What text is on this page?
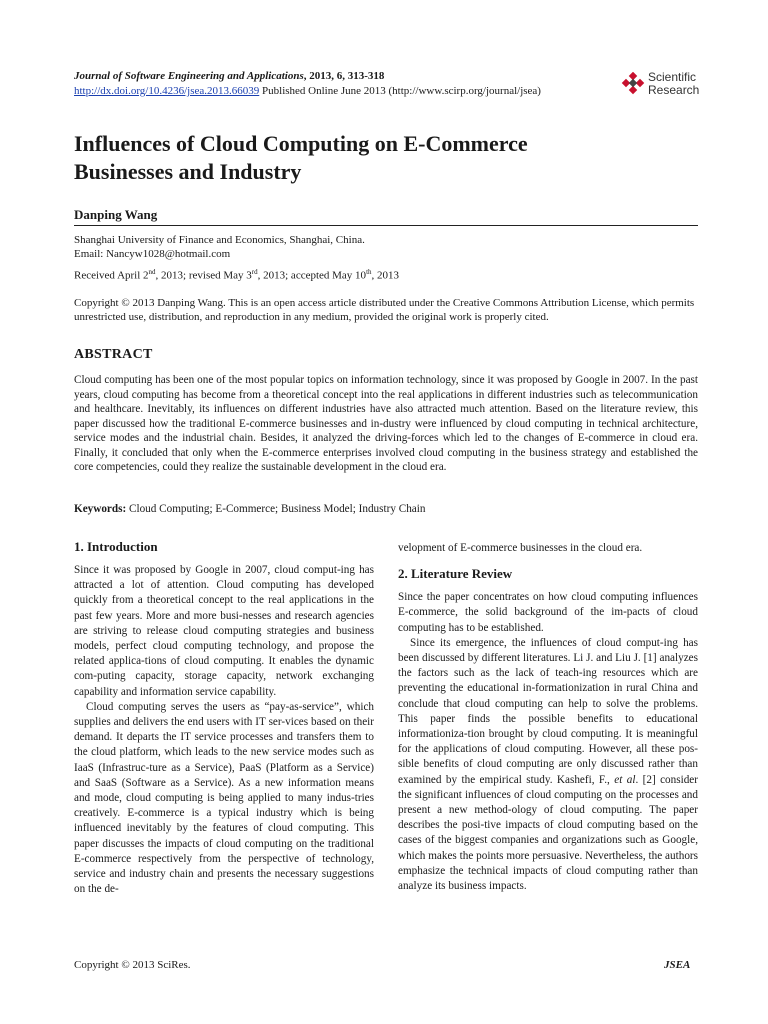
Journal of Software Engineering and Applications, 2013, 6, 313-318
http://dx.doi.org/10.4236/jsea.2013.66039 Published Online June 2013 (http://www.scirp.org/journal/jsea)
Scientific
Research
Influences of Cloud Computing on E-Commerce
Businesses and Industry
Danping Wang
Shanghai University of Finance and Economics, Shanghai, China.
Email: Nancyw1028@hotmail.com
Received April 2nd, 2013; revised May 3rd, 2013; accepted May 10th, 2013
Copyright © 2013 Danping Wang. This is an open access article distributed under the Creative Commons Attribution License, which permits unrestricted use, distribution, and reproduction in any medium, provided the original work is properly cited.
ABSTRACT
Cloud computing has been one of the most popular topics on information technology, since it was proposed by Google in 2007. In the past years, cloud computing has become from a theoretical concept into the real applications in different industries such as telecommunication and healthcare. Inevitably, its influences on different industries have also attracted much attention. Based on the literature review, this paper discussed how the traditional E-commerce businesses and in-dustry were influenced by cloud computing in technical architecture, service modes and the industrial chain. Besides, it analyzed the driving-forces which led to the changes of E-commerce in cloud era. Finally, it concluded that only when the E-commerce enterprises involved cloud computing in the business strategy and established the core competencies, could they realize the sustainable development in the cloud era.
Keywords: Cloud Computing; E-Commerce; Business Model; Industry Chain
1. Introduction

Since it was proposed by Google in 2007, cloud comput-ing has attracted a lot of attention. Cloud computing has developed quickly from a theoretical concept to the real applications in the past few years. More and more busi-nesses and research agencies are striving to release cloud computing strategies and business models, perfect cloud computing technology, and propose the related applica-tions of cloud computing. It enables the dynamic com-puting capacity, storage capacity, network exchanging capability and information service capability.

Cloud computing serves the users as “pay-as-service”, which supplies and delivers the end users with IT ser-vices based on their demand. It departs the IT service processes and transfers them to the cloud platform, which leads to the new service modes such as IaaS (Infrastruc-ture as a Service), PaaS (Platform as a Service) and SaaS (Software as a Service). As a new information means and mode, cloud computing is being applied to many indus-tries creatively. E-commerce is a typical industry which is being influenced inevitably by the features of cloud computing. This paper discusses the impacts of cloud computing on the traditional E-commerce respectively from the perspective of technology, service and industry chain and presents the necessary suggestions on the de-

velopment of E-commerce businesses in the cloud era.

2. Literature Review

Since the paper concentrates on how cloud computing influences E-commerce, the solid background of the im-pacts of cloud computing has to be established.

Since its emergence, the influences of cloud comput-ing has been discussed by different literatures. Li J. and Liu J. [1] analyzes the factors such as the lack of teach-ing resources which are preventing the educational in-formationization in rural China and conclude that cloud computing can help to solve the problems. This paper finds the possible benefits to educational informationiza-tion brought by cloud computing. It is meaningful for the applications of cloud computing. However, all these pos-sible benefits of cloud computing are only discussed rather than examined by the empirical study. Kashefi, F., et al. [2] consider the significant influences of cloud computing on the processes and present a new method-ology of cloud computing. The paper describes the posi-tive impacts of cloud computing based on the cases of the biggest companies and organizations such as Google, which makes the points more persuasive. Nevertheless, the authors emphasize the technical impacts of cloud computing rather than analyze its business impacts.

Copyright © 2013 SciRes.	JSEA
